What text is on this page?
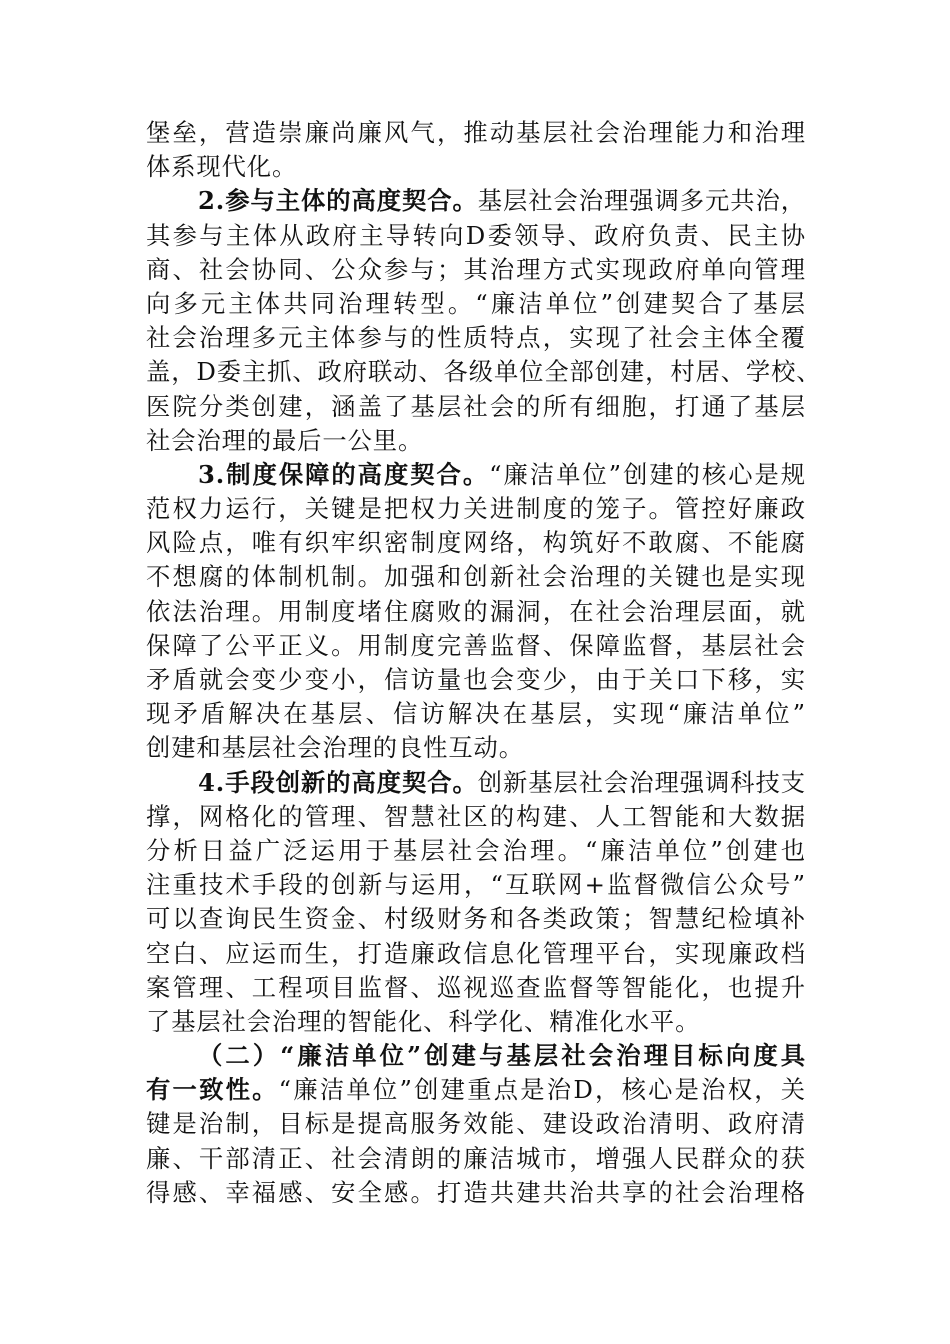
堡垒，营造崇廉尚廉风气，推动基层社会治理能力和治理
体系现代化。
2.参与主体的高度契合。基层社会治理强调多元共治，
其参与主体从政府主导转向D委领导、政府负责、民主协
商、社会协同、公众参与；其治理方式实现政府单向管理
向多元主体共同治理转型。“廉洁单位”创建契合了基层
社会治理多元主体参与的性质特点，实现了社会主体全覆
盖，D委主抓、政府联动、各级单位全部创建，村居、学校、
医院分类创建，涵盖了基层社会的所有细胞，打通了基层
社会治理的最后一公里。
3.制度保障的高度契合。“廉洁单位”创建的核心是规
范权力运行，关键是把权力关进制度的笼子。管控好廉政
风险点，唯有织牢织密制度网络，构筑好不敢腐、不能腐
不想腐的体制机制。加强和创新社会治理的关键也是实现
依法治理。用制度堵住腐败的漏洞，在社会治理层面，就
保障了公平正义。用制度完善监督、保障监督，基层社会
矛盾就会变少变小，信访量也会变少，由于关口下移，实
现矛盾解决在基层、信访解决在基层，实现“廉洁单位”
创建和基层社会治理的良性互动。
4.手段创新的高度契合。创新基层社会治理强调科技支
撑，网格化的管理、智慧社区的构建、人工智能和大数据
分析日益广泛运用于基层社会治理。“廉洁单位”创建也
注重技术手段的创新与运用，“互联网+监督微信公众号”
可以查询民生资金、村级财务和各类政策；智慧纪检填补
空白、应运而生，打造廉政信息化管理平台，实现廉政档
案管理、工程项目监督、巡视巡查监督等智能化，也提升
了基层社会治理的智能化、科学化、精准化水平。
（二）“廉洁单位”创建与基层社会治理目标向度具
有一致性。“廉洁单位”创建重点是治D，核心是治权，关
键是治制，目标是提高服务效能、建设政治清明、政府清
廉、干部清正、社会清朗的廉洁城市，增强人民群众的获
得感、幸福感、安全感。打造共建共治共享的社会治理格
